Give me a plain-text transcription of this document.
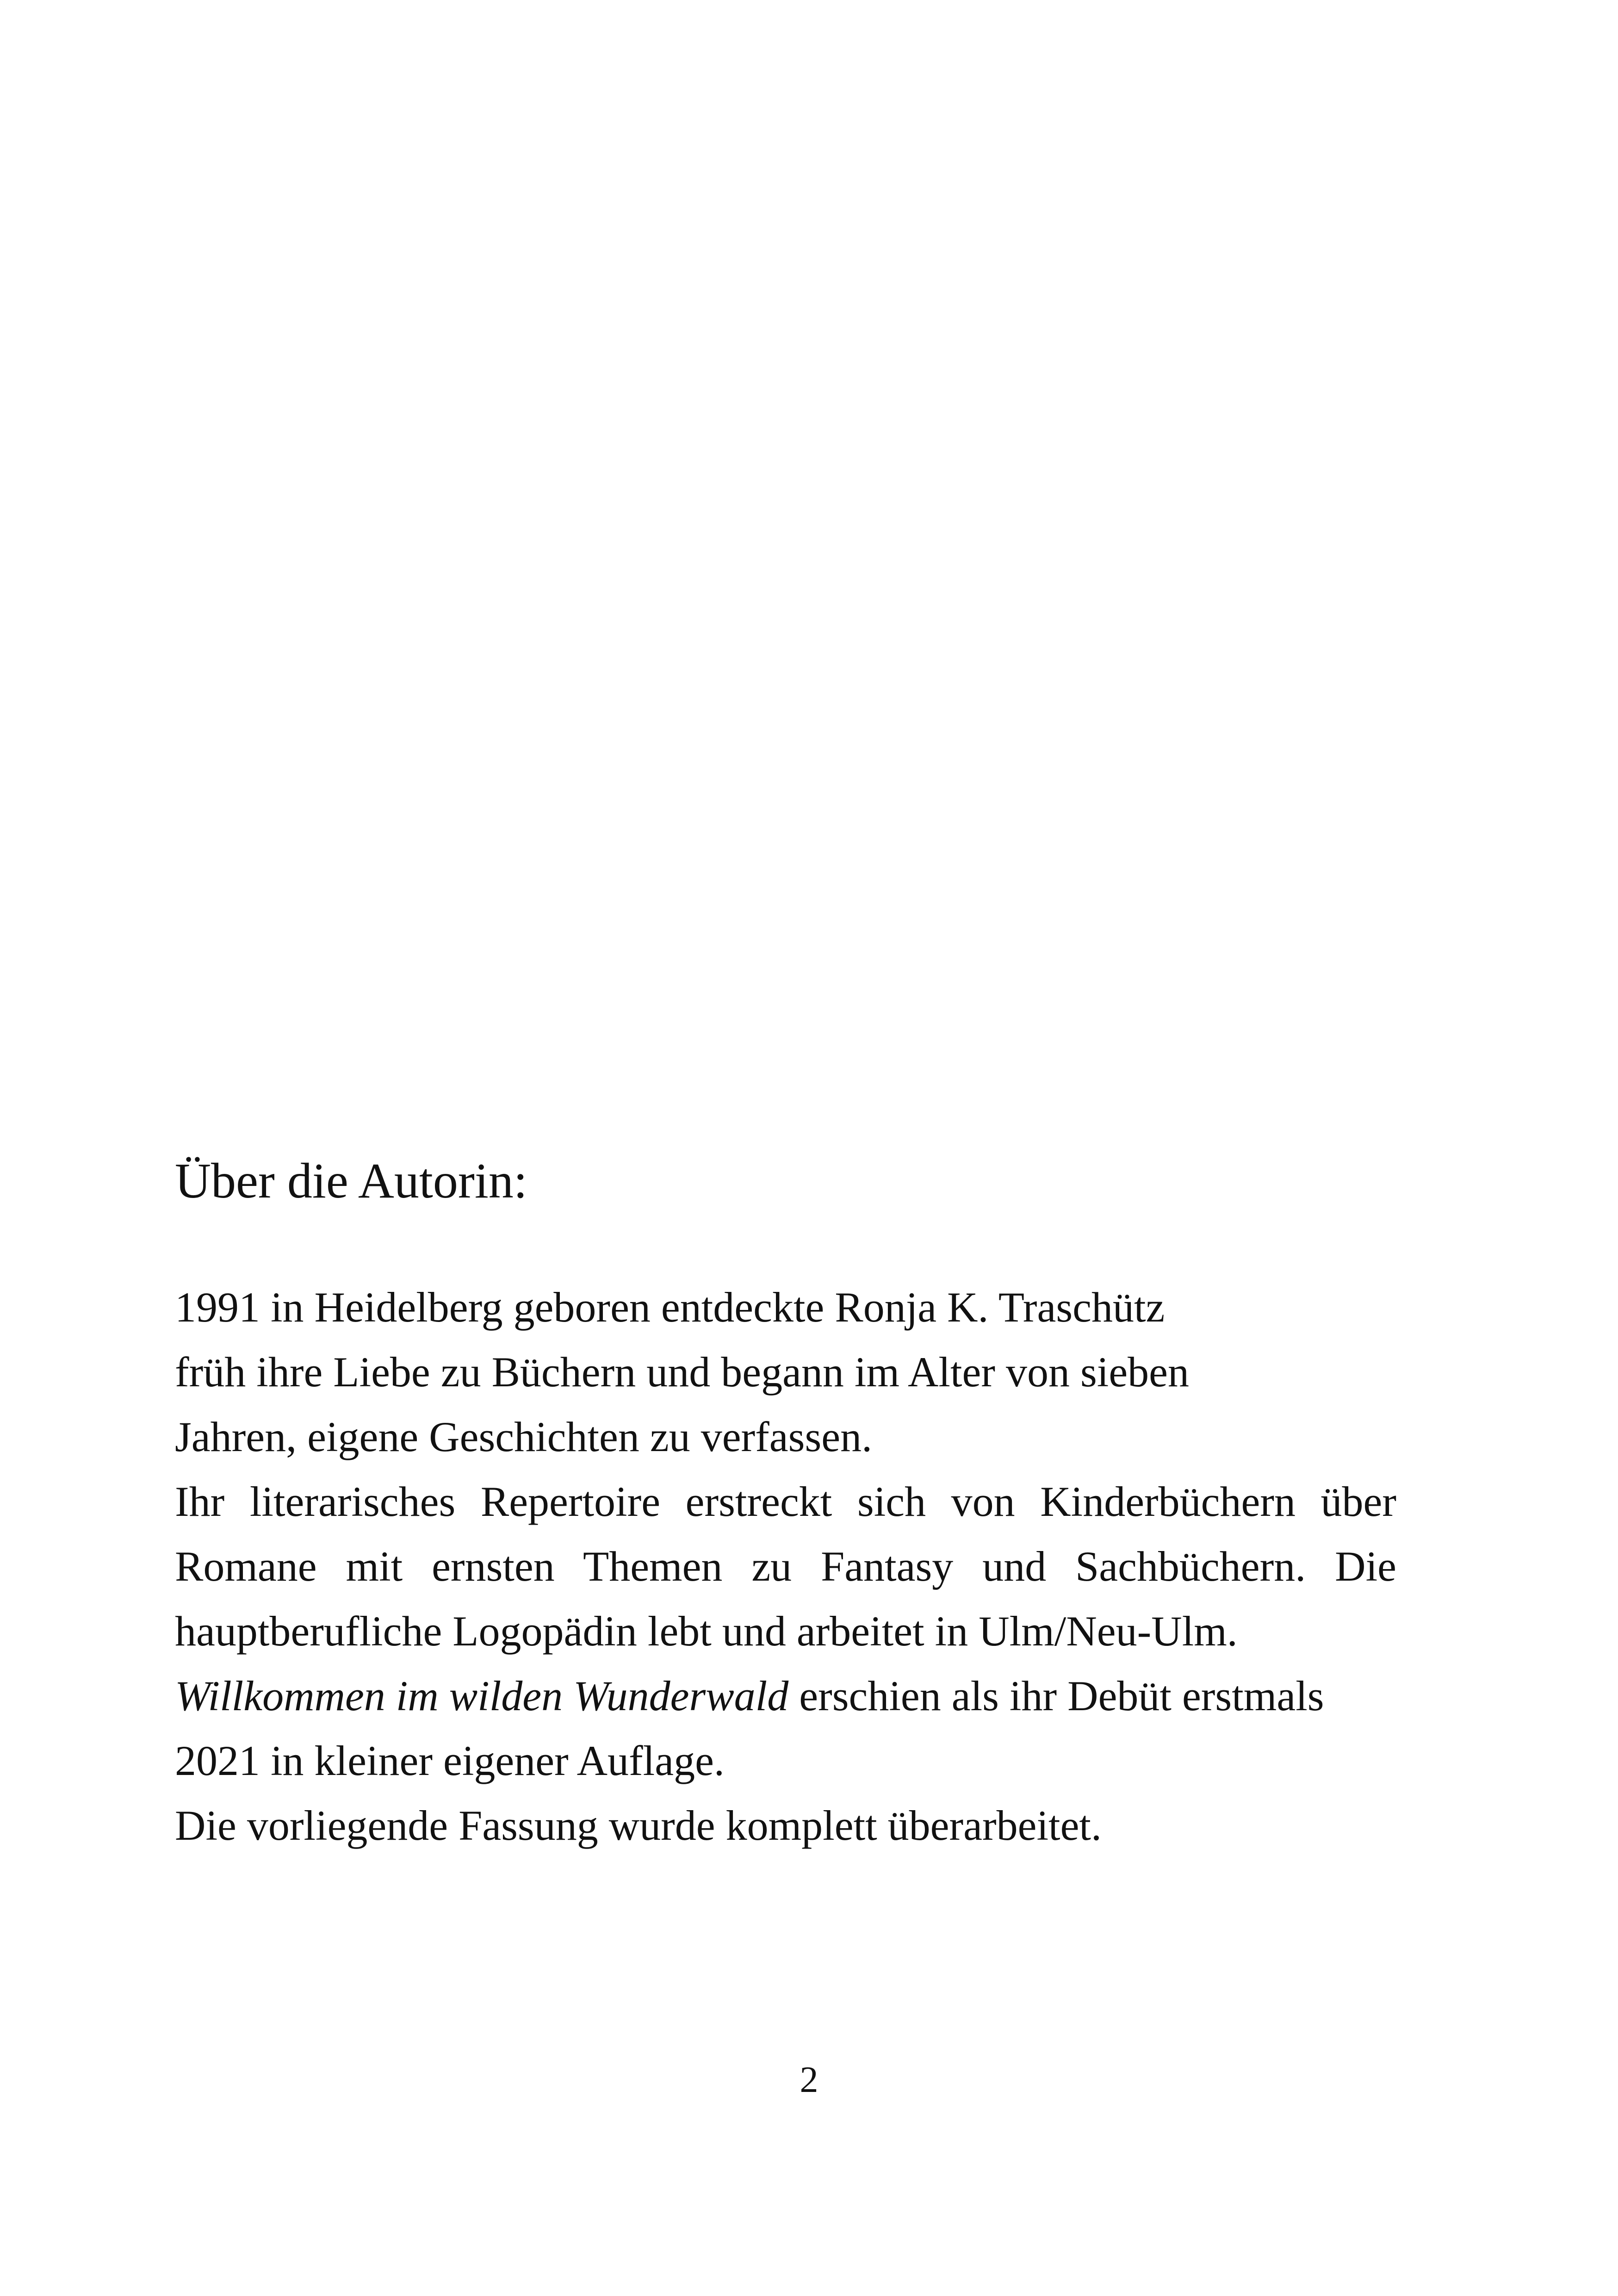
Über die Autorin:
1991 in Heidelberg geboren entdeckte Ronja K. Traschütz
früh ihre Liebe zu Büchern und begann im Alter von sieben
Jahren, eigene Geschichten zu verfassen.
Ihr literarisches Repertoire erstreckt sich von Kinderbüchern über
Romane mit ernsten Themen zu Fantasy und Sachbüchern. Die
hauptberufliche Logopädin lebt und arbeitet in Ulm/Neu-Ulm.
Willkommen im wilden Wunderwald erschien als ihr Debüt erstmals
2021 in kleiner eigener Auflage.
Die vorliegende Fassung wurde komplett überarbeitet.
2
